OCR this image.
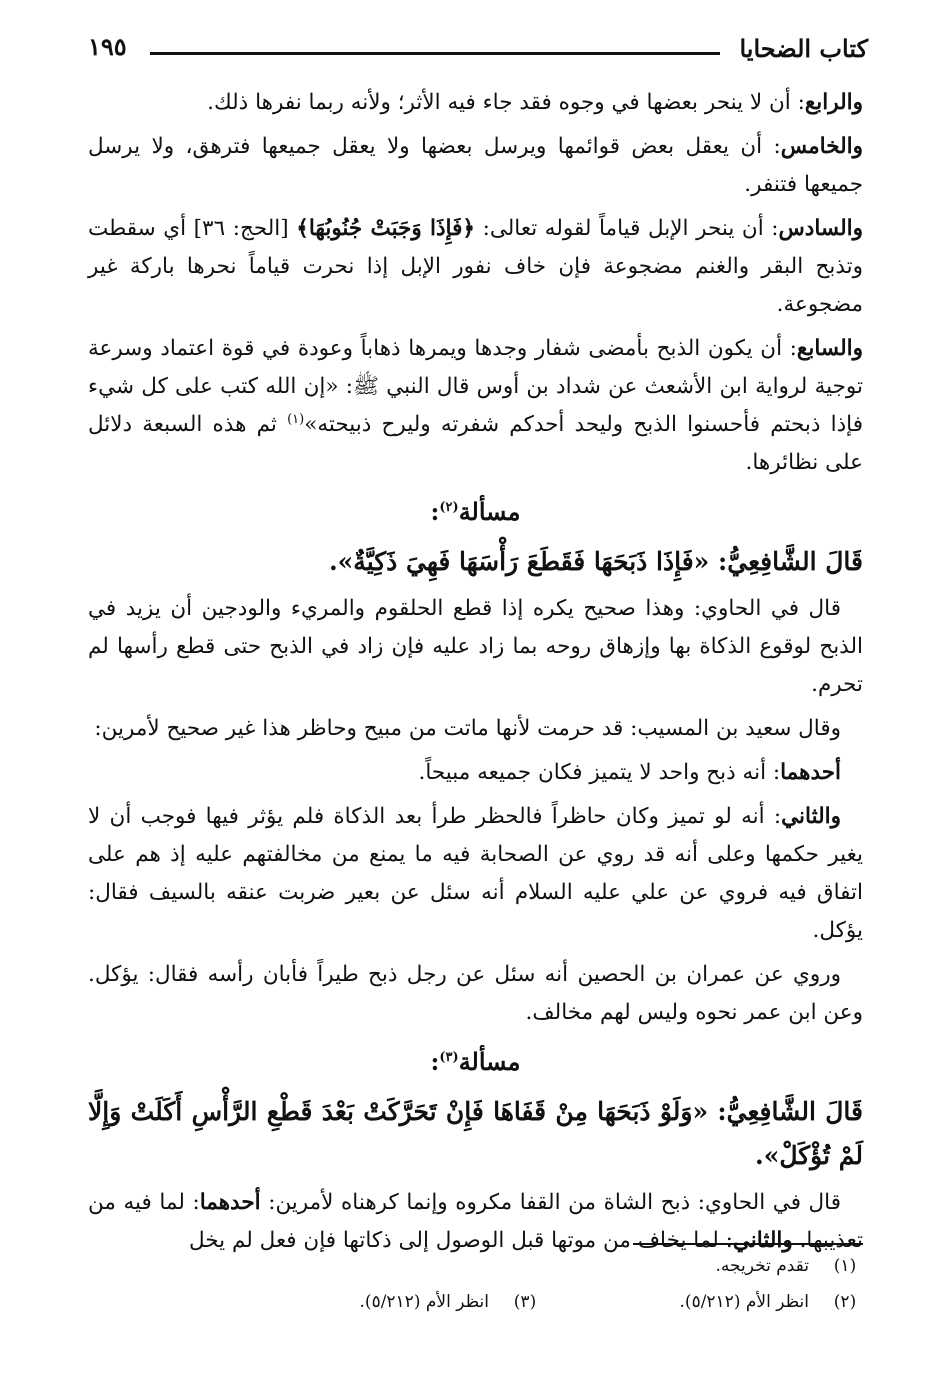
كتاب الضحايا
١٩٥

والرابع: أن لا ينحر بعضها في وجوه فقد جاء فيه الأثر؛ ولأنه ربما نفرها ذلك.

والخامس: أن يعقل بعض قوائمها ويرسل بعضها ولا يعقل جميعها فترهق، ولا يرسل جميعها فتنفر.

والسادس: أن ينحر الإبل قياماً لقوله تعالى: ﴿فَإِذَا وَجَبَتْ جُنُوبُهَا﴾ [الحج: ٣٦] أي سقطت وتذبح البقر والغنم مضجوعة فإن خاف نفور الإبل إذا نحرت قياماً نحرها باركة غير مضجوعة.

والسابع: أن يكون الذبح بأمضى شفار وجدها ويمرها ذهاباً وعودة في قوة اعتماد وسرعة توجية لرواية ابن الأشعث عن شداد بن أوس قال النبي ﷺ: «إن الله كتب على كل شيء فإذا ذبحتم فأحسنوا الذبح وليحد أحدكم شفرته وليرح ذبيحته»$^{(١)}$ ثم هذه السبعة دلائل على نظائرها.

مسألة$^{(٢)}$:

قَالَ الشَّافِعِيُّ: «فَإِذَا ذَبَحَهَا فَقَطَعَ رَأْسَهَا فَهِيَ ذَكِيَّةٌ».

قال في الحاوي: وهذا صحيح يكره إذا قطع الحلقوم والمريء والودجين أن يزيد في الذبح لوقوع الذكاة بها وإزهاق روحه بما زاد عليه فإن زاد في الذبح حتى قطع رأسها لم تحرم.

وقال سعيد بن المسيب: قد حرمت لأنها ماتت من مبيح وحاظر هذا غير صحيح لأمرين:

أحدهما: أنه ذبح واحد لا يتميز فكان جميعه مبيحاً.

والثاني: أنه لو تميز وكان حاظراً فالحظر طرأ بعد الذكاة فلم يؤثر فيها فوجب أن لا يغير حكمها وعلى أنه قد روي عن الصحابة فيه ما يمنع من مخالفتهم عليه إذ هم على اتفاق فيه فروي عن علي عليه السلام أنه سئل عن بعير ضربت عنقه بالسيف فقال: يؤكل.

وروي عن عمران بن الحصين أنه سئل عن رجل ذبح طيراً فأبان رأسه فقال: يؤكل. وعن ابن عمر نحوه وليس لهم مخالف.

مسألة$^{(٣)}$:

قَالَ الشَّافِعِيُّ: «وَلَوْ ذَبَحَهَا مِنْ قَفَاهَا فَإِنْ تَحَرَّكَتْ بَعْدَ قَطْعِ الرَّأْسِ أَكَلَتْ وَإِلَّا لَمْ تُؤْكَلْ».

قال في الحاوي: ذبح الشاة من القفا مكروه وإنما كرهناه لأمرين: أحدهما: لما فيه من تعذيبها. والثاني: لما يخاف من موتها قبل الوصول إلى ذكاتها فإن فعل لم يخل

(١)
تقدم تخريجه.
(٢)
انظر الأم (٥/٢١٢).
(٣)
انظر الأم (٥/٢١٢).
